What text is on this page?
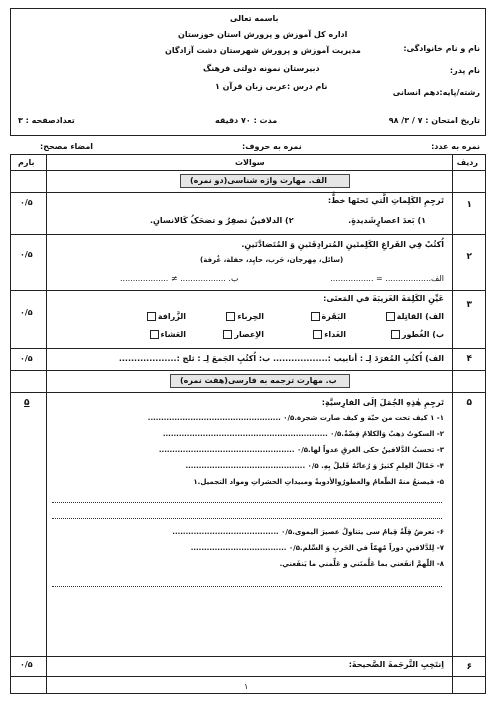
باسمه تعالی
اداره کل آموزش و پرورش استان خوزستان
مدیریت آموزش و پرورش شهرستان دشت آزادگان
دبیرستان نمونه دولتی فرهنگ
نام درس :عربی زبان قرآن ۱
نام و نام خانوادگی:
نام پدر:
رشته/پایه:دهم انسانی
تاریخ امتحان : ۷ / ۳/ ۹۸
مدت : ۷۰ دقیقه
تعدادصفحه : ۳
نمره به عدد:
نمره به حروف:
امضاء مصحح:
ردیف
سوالات
بارم
الف. مهارت واژه شناسی(دو نمره)
۱
۰/۵	تَرجِمِ الکَلِماتِ الَّتي تَحتَها خطٌّ:
۱) بَعدَ اعصارٍشَدیدةٍ.
۲) الدلافینُ تصفِرُ و تضحَکُ کَالانسانِ.
۲
۰/۵
اُکتُبْ فِي الفَراغِ الکَلِمتَینِ المُترادِفَتَینِ وَ المُتَضادَّتَینِ.
(سائل، مِهرجان، حَرب، حايِد، حفلة، غُرفة)
الف.................. = .................
ب. .................. ≠ ...................
۳
۰/۵
عَیِّنِ الکَلِمَةَ الغَریبَةَ في المَعنَی:
الف) القاتِلة
البَقَرة
الحِرباء
الزَّرافة
ب) الغُطور
الغَداء
الاِعصار
العَشاء
۴
۰/۵	الف) اُکتُبِ المُفرَدَ لِـ : أنابیب :.................. ب: اُکتُبِ الجَمعَ لِـ : ثلج :...................
ب. مهارت ترجمه به فارسی(هفت نمره)
۵
۵	تَرجِمِ هٰذِهِ الجُمَلَ إلَی الفارِسیَّةِ:
۱- ۱ کیف تحت من حبّة و کیف صارت شجرة.۰/۵ ..................................................
۲- السکوتُ ذهبٌ وَالکلامُ فِضّةٌ.۰/۵ ..............................................................
۳- تحسبُ الدَّلافینُ حکی الغرقِ عدواً لها.۰/۵ ...................................................
۴- حَمّالُ العِلمِ کثیرٌ وَ رُعاتُهُ قَلیلٌ بِهِ. ۰/۵ .............................................
۵- فیصنعُ منهُ الطّعامُ والعطورُوالأدویةُ ومبیداتِ الحشراتِ ومواد التجمیل.۱
۶- تعرضُ قِلّةٌ قِیامٌ سی یتناولُ عصیرَ الیموی.۰/۵ ........................................
۷- لِلدَّلافینِ دوراً مُهِمّاً في الحَربِ وَ السِّلم.۰/۵ ....................................
۸- اللّهمَّ انفَعني بما عَلَّمتَني و عَلِّمني ما یَنفَعني.
۶
۰/۵	اِنتَخِبِ التَّرجَمةَ الصَّحیحةَ:
۱
